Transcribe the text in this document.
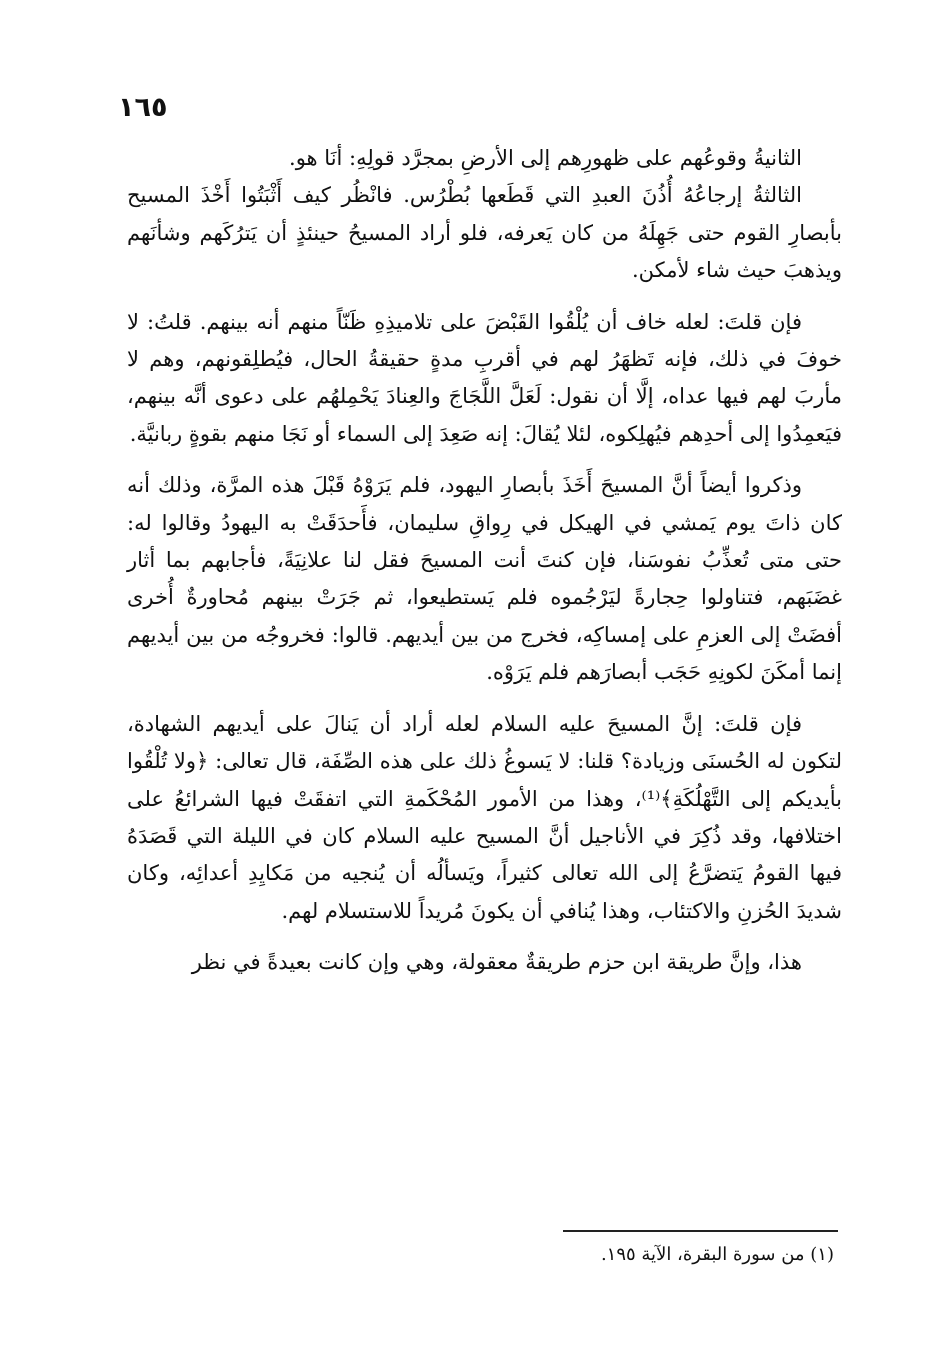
١٦٥

الثانيةُ وقوعُهم على ظهورِهم إلى الأرضِ بمجرَّد قولِهِ: أنَا هو.

الثالثةُ إرجاعُهُ أُذُنَ العبدِ التي قَطَعها بُطْرُس. فانْظُر كيف أَثْبَتُوا أَخْذَ المسيح بأبصارِ القوم حتى جَهِلَهُ من كان يَعرفه، فلو أراد المسيحُ حينئذٍ أن يَترُكَهم وشأنَهم ويذهبَ حيث شاء لأمكن.

فإن قلتَ: لعله خاف أن يُلْقُوا القَبْضَ على تلاميذِهِ ظَنّاً منهم أنه بينهم. قلتُ: لا خوفَ في ذلك، فإنه تَظهَرُ لهم في أقربِ مدةٍ حقيقةُ الحال، فيُطلِقونهم، وهم لا مأربَ لهم فيها عداه، إلَّا أن نقول: لَعَلَّ اللَّجَاجَ والعِنادَ يَحْمِلهُم على دعوى أنَّه بينهم، فيَعمِدُوا إلى أحدِهم فيُهلِكوه، لئلا يُقالَ: إنه صَعِدَ إلى السماء أو نَجَا منهم بقوةٍ ربانيَّة.

وذكروا أيضاً أنَّ المسيحَ أَخَذَ بأبصارِ اليهود، فلم يَرَوْهُ قَبْلَ هذه المرَّة، وذلك أنه كان ذاتَ يوم يَمشي في الهيكل في رِواقِ سليمان، فأَحدَقَتْ به اليهودُ وقالوا له: حتى متى تُعذِّبُ نفوسَنا، فإن كنتَ أنت المسيحَ فقل لنا علانِيَةً، فأجابهم بما أثار غضَبَهم، فتناولوا حِجارةً ليَرْجُموه فلم يَستطيعوا، ثم جَرَتْ بينهم مُحاورةٌ أُخرى أفضَتْ إلى العزمِ على إمساكِه، فخرج من بين أيديهم. قالوا: فخروجُه من بين أيديهم إنما أمكَنَ لكونِهِ حَجَب أبصارَهم فلم يَرَوْه.

فإن قلتَ: إنَّ المسيحَ عليه السلام لعله أراد أن يَنالَ على أيديهم الشهادة، لتكون له الحُسنَى وزيادة؟ قلنا: لا يَسوغُ ذلك على هذه الصِّفَة، قال تعالى: ﴿ولا تُلْقُوا بأيديكم إلى التَّهْلُكَةِ﴾⁽¹⁾، وهذا من الأمور المُحْكَمةِ التي اتفقَتْ فيها الشرائعُ على اختلافها، وقد ذُكِرَ في الأناجيل أنَّ المسيح عليه السلام كان في الليلة التي قَصَدَهُ فيها القومُ يَتضرَّعُ إلى الله تعالى كثيراً، ويَسألُه أن يُنجيه من مَكايِدِ أعدائِه، وكان شديدَ الحُزنِ والاكتئاب، وهذا يُنافي أن يكونَ مُريداً للاستسلام لهم.

هذا، وإنَّ طريقة ابن حزم طريقةٌ معقولة، وهي وإن كانت بعيدةً في نظر

(١) من سورة البقرة، الآية ١٩٥.
